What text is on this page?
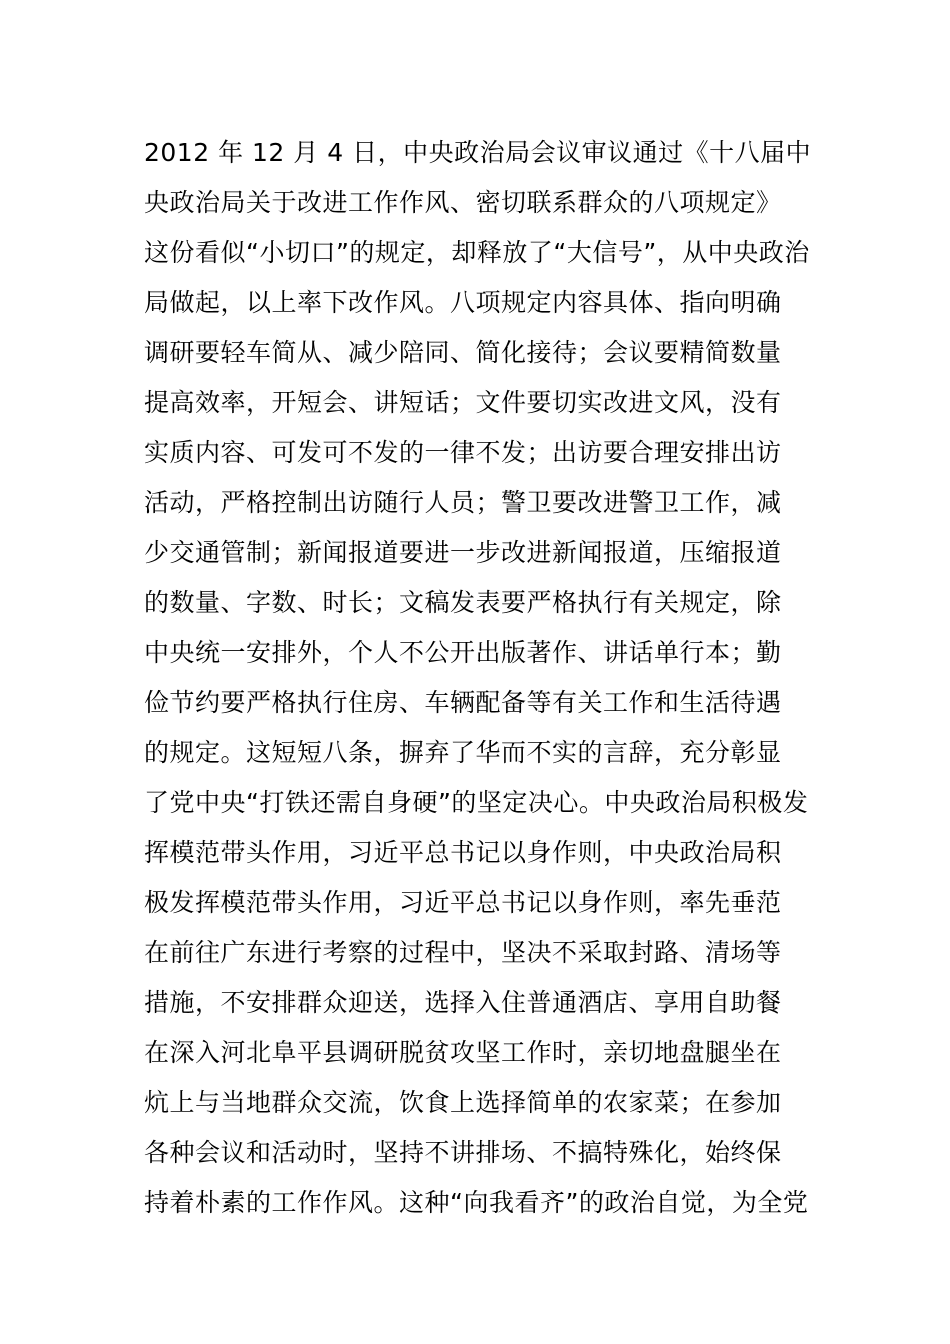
2012 年 12 月 4 日，中央政治局会议审议通过《十八届中
央政治局关于改进工作作风、密切联系群众的八项规定》
这份看似“小切口”的规定，却释放了“大信号”，从中央政治
局做起，以上率下改作风。八项规定内容具体、指向明确
调研要轻车简从、减少陪同、简化接待；会议要精简数量
提高效率，开短会、讲短话；文件要切实改进文风，没有
实质内容、可发可不发的一律不发；出访要合理安排出访
活动，严格控制出访随行人员；警卫要改进警卫工作，减
少交通管制；新闻报道要进一步改进新闻报道，压缩报道
的数量、字数、时长；文稿发表要严格执行有关规定，除
中央统一安排外，个人不公开出版著作、讲话单行本；勤
俭节约要严格执行住房、车辆配备等有关工作和生活待遇
的规定。这短短八条，摒弃了华而不实的言辞，充分彰显
了党中央“打铁还需自身硬”的坚定决心。中央政治局积极发
挥模范带头作用，习近平总书记以身作则，中央政治局积
极发挥模范带头作用，习近平总书记以身作则，率先垂范
在前往广东进行考察的过程中，坚决不采取封路、清场等
措施，不安排群众迎送，选择入住普通酒店、享用自助餐
在深入河北阜平县调研脱贫攻坚工作时，亲切地盘腿坐在
炕上与当地群众交流，饮食上选择简单的农家菜；在参加
各种会议和活动时，坚持不讲排场、不搞特殊化，始终保
持着朴素的工作作风。这种“向我看齐”的政治自觉，为全党
